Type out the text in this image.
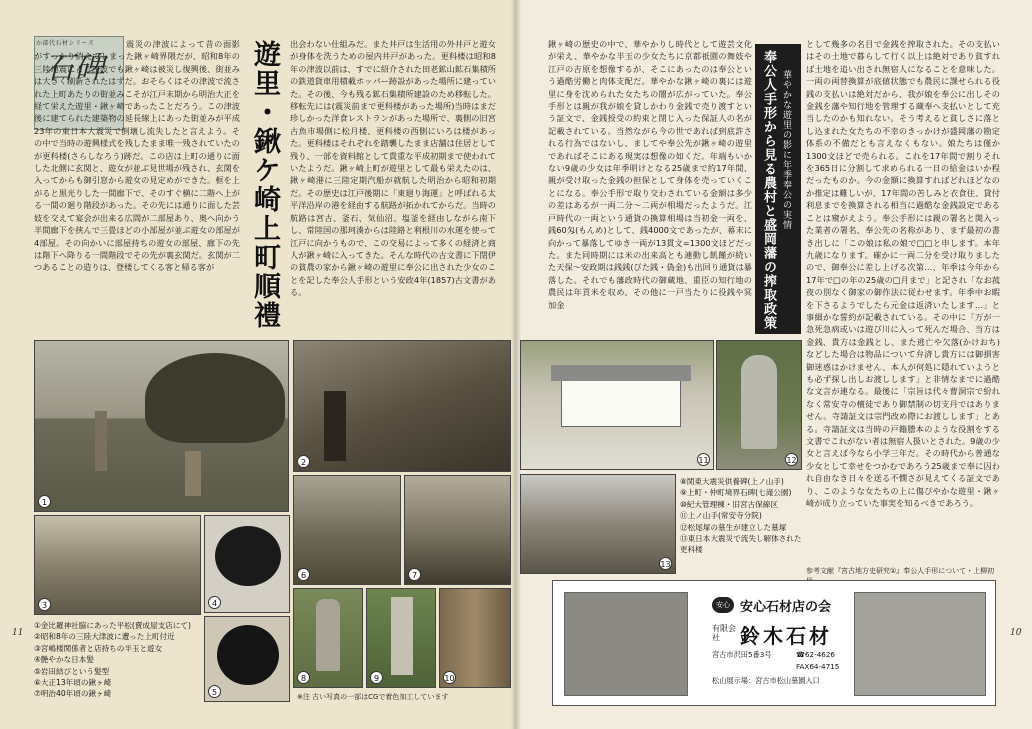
か部代石材シリーズ
石碑
震災の津波によって昔の面影がすっかり消えてしまった鍬ヶ崎界隈だが、昭和8年の三陸地震による津波でも鍬ヶ崎は被災し復興後、街並みは大きく刷新されたはずだ。おそらくはその津波で流された上町あたりの街並みこそが江戸末期から明治大正を経て栄えた遊里・鍬ヶ崎であったことだろう。この津波後に建てられた建築物の延長線上にあった街並みが平成23年の東日本大震災で倒壊し流失したと言えよう。その中で当時の遊興様式を残したまま唯一残されていたのが更科楼(さらしなろう)跡だ。この店は上町の通りに面した北側に玄関と、遊女が並ぶ見世場が残され、玄関を入ってからも御引窓から遊女の見定めができた。框を上がると黒光りした一間廊下で、そのすぐ横に二階へ上がる一間の廻り階段があった。その先には通りに面した芸妓を交えて宴会が出来る広間が二部屋あり、奥へ向かう半間廊下を挟んで三畳ほどの小部屋が並ぶ遊女の部屋が4部屋。その向かいに部屋持ちの遊女の部屋、廊下の先は階下へ降りる一間階段でその先が裏玄関だ。玄関が二つあることの造りは、登楼してくる客と帰る客が	遊里・鍬ケ崎上町順禮 出会わない仕組みだ。また井戸は生活用の外井戸と遊女が身体を洗うための屋内井戸があった。更科楼は昭和8年の津波以前は、すでに紹介された田老鉱山鉱石集積所の鉄道貨車用積載ホッパー跡設があった場所に建っていた。その後、今も残る鉱石集積所建設のため移転した。移転先には(震災前まで更科楼があった場所)当時はまだ珍しかった洋食レストランがあった場所で、裏側の旧宮古魚市場側に松月楼、更科楼の西側にいろは楼があった。更科楼はそれぞれを踏襲したまま店舗は住居として残り、一部を資料館として貴重な平成初期まで使われていたようだ。鍬ヶ崎上町が遊里として最も栄えたのは、鍬ヶ崎港に三陸定期汽船が就航した明治から昭和初期だ。その歴史は江戸後期に「東廻り海運」と呼ばれる太平洋沿岸の港を経由する航路が拓かれてからだ。当時の航路は宮古、釜石、気仙沼、塩釜を経由しながら南下し、常陸国の那珂湊からは陸路と利根川の水運を使って江戸に向かうもので、この交易によって多くの経済と商人が鍬ヶ崎に入ってきた。そんな時代の古文書に下閉伊の貧農の家から鍬ヶ崎の遊里に奉公に出された少女のことを記した奉公人手形という安政4年(1857)古文書がある。
1
2
3	4
5
6	7
8	9	10
①金比羅神社脇にあった平松(賣成屋支店にて)
②昭和8年の三陸大津波に遭った上町付近
③宮嶋楼関係者と店持ちの半玉と遊女
④艶やかな日本髪
⑤岩田結びという髪型
⑥大正13年頃の鍬ヶ崎
⑦明治40年頃の鍬ヶ崎	※注 古い写真の一部はCGで着色加工しています
11
鍬ヶ崎の歴史の中で、華やかりし時代として遊芸文化が栄え、華やかな半玉の少女たちに京都祇園の舞妓や江戸の吉原を想像するが、そこにあったのは奉公という過酷労働と肉体支配だ。華やかな鍬ヶ崎の裏には遊里に身を沈められた女たちの闇が広がっていた。奉公手形とは親が我が娘を貸しかわり金銭で売り渡すという証文で、金銭授受の約束と閉じ入った保証人の名が記載されている。当然ながら今の世であれば到底許される行為ではないし、ましてや奉公先が鍬ヶ崎の遊里であればそこにある現実は想像の如くだ。年端もいかない9歳の少女は年季明けとなる25歳まで約17年間、親が受け取った金銭の担保として身体を売っていくことになる。奉公手形で取り交わされている金額は多少の差はあるが一両二分～二両が相場だったようだ。江戸時代の一両という通貨の換算相場は当初金一両を、銭60匁(もんめ)として、銭4000文であったが、幕末に向かって暴落してゆき一両が13貫文=1300文ほどだった。また同時期には米の出来高とも連動し飢饉が続いた天保～安政期は銭銭(びた銭・偽金)も出回り通貨は暴落した。それでも藩政時代の御蔵地、重臣の知行地の農民は年貢米を収め、その他に一戸当たりに役銭や冥加金	奉公人手形から見る農村と盛岡藩の搾取政策 華やかな遊里の影に年季奉公の実情
として幾多の名目で金銭を搾取された。その支払いはその土地で暮らして行く以上は絶対であり貧すれば土地を追い出され無宿人になることを意味した。一両の両替換算が底値状態でも農民に課せられる役銭の支払いは絶対だから、我が娘を奉公に出しその金銭を藩や知行地を管理する蔵奉へ支払いとして充当したのかも知れない。そう考えると貧しさに落とし込まれた女たちの不幸のきっかけが盛岡藩の勘定体系の不備だとも言えなくもない。娘たちは僅か1300文ほどで売られる。これを17年間で割りそれを365日に分割して求められる一日の給金はいか程だったものか。今の金額に換算すればどれほどなのか推定は難しいが、17年間の苦しみと衣食住、貸付利息までを換算される相当に過酷な金銭設定であることは窺がえよう。奉公手形には親の署名と関入った業者の署名、奉公先の名称があり、まず最初の書き出しに「この娘は私の娘で□□と申します。本年九歳になります。確かに一両二分を受け取りましたので、御奉公に差し上げる次第…、年季は今年から17年で□の年の25歳の□月まで」と記され「なお菰夜の別なく御家の御作法に従わせます。年季中お暇を下さるようでしたら元金は返済いたします…」と事細かな誓約が記載されている。その中に「万が一急死急病或いは遊び川に入って死んだ場合、当方は金銭、貴方は金銭とし、また逃亡や欠落(かけおち)などした場合は物品について弁済し貴方には御損害御迷惑はかけません、本人が何処に隠れていようとも必ず探し出しお渡しします」と非情なまでに過酷な文言が連なる。最後に「宗旨は代々曹洞宗で紛れなく常安寺の檀徒であり御禁制の切支丹ではありません。寺請証文は宗門改め際にお渡しします」とある。寺請証文は当時の戸籍謄本のような役割をする文書でこれがない者は無宿人扱いとされた。9歳の少女と言えば今なら小学三年だ。その時代から普通な少女として幸せをつかむであろう25歳まで奉に囚われ自由なき日々を送る不憫さが見えてくる証文であり、このような女たちの上に傷ぴやかな遊里・鍬ヶ崎が成り立っていた事実を知るべきであろう。
参考文献『宮古地方史研究①』奉公人手形について・上柳初
11	12
13
⑧関東大震災供養碑(上ノ山手)
⑨上町・仲町境界石碑(七滝公園)
⑩紀大管理棟・旧宮古保線区
⑪上ノ山手(常安寺分院)
⑫松尾塚の墓生が建立した墓塚
⑬東日本大震災で流失し解体された更科楼
安心 安心石材店の会
有限会社	鈴木石材
宮古市沢田5番3号	☎62-4626
FAX64-4715
松山展示場：宮古市松山墓園入口
10
